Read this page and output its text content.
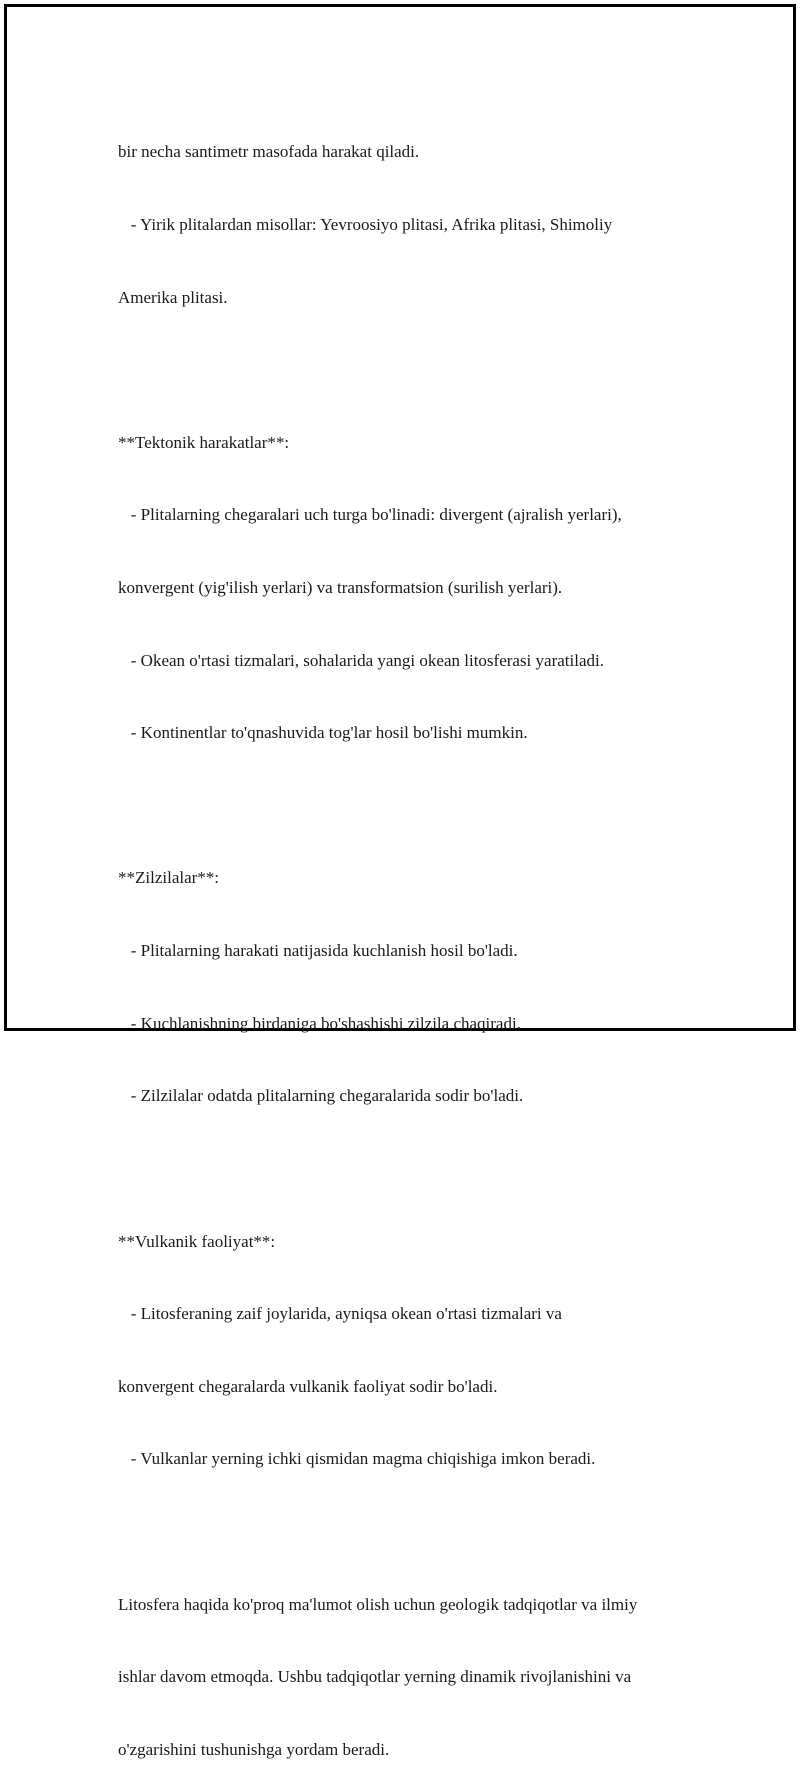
bir necha santimetr masofada harakat qiladi.

- Yirik plitalardan misollar: Yevroosiyo plitasi, Afrika plitasi, Shimoliy

Amerika plitasi.

**Tektonik harakatlar**:

- Plitalarning chegaralari uch turga bo'linadi: divergent (ajralish yerlari),

konvergent (yig'ilish yerlari) va transformatsion (surilish yerlari).

- Okean o'rtasi tizmalari, sohalarida yangi okean litosferasi yaratiladi.

- Kontinentlar to'qnashuvida tog'lar hosil bo'lishi mumkin.

**Zilzilalar**:

- Plitalarning harakati natijasida kuchlanish hosil bo'ladi.

- Kuchlanishning birdaniga bo'shashishi zilzila chaqiradi.

- Zilzilalar odatda plitalarning chegaralarida sodir bo'ladi.

**Vulkanik faoliyat**:

- Litosferaning zaif joylarida, ayniqsa okean o'rtasi tizmalari va

konvergent chegaralarda vulkanik faoliyat sodir bo'ladi.

- Vulkanlar yerning ichki qismidan magma chiqishiga imkon beradi.

Litosfera haqida ko'proq ma'lumot olish uchun geologik tadqiqotlar va ilmiy

ishlar davom etmoqda. Ushbu tadqiqotlar yerning dinamik rivojlanishini va

o'zgarishini tushunishga yordam beradi.
